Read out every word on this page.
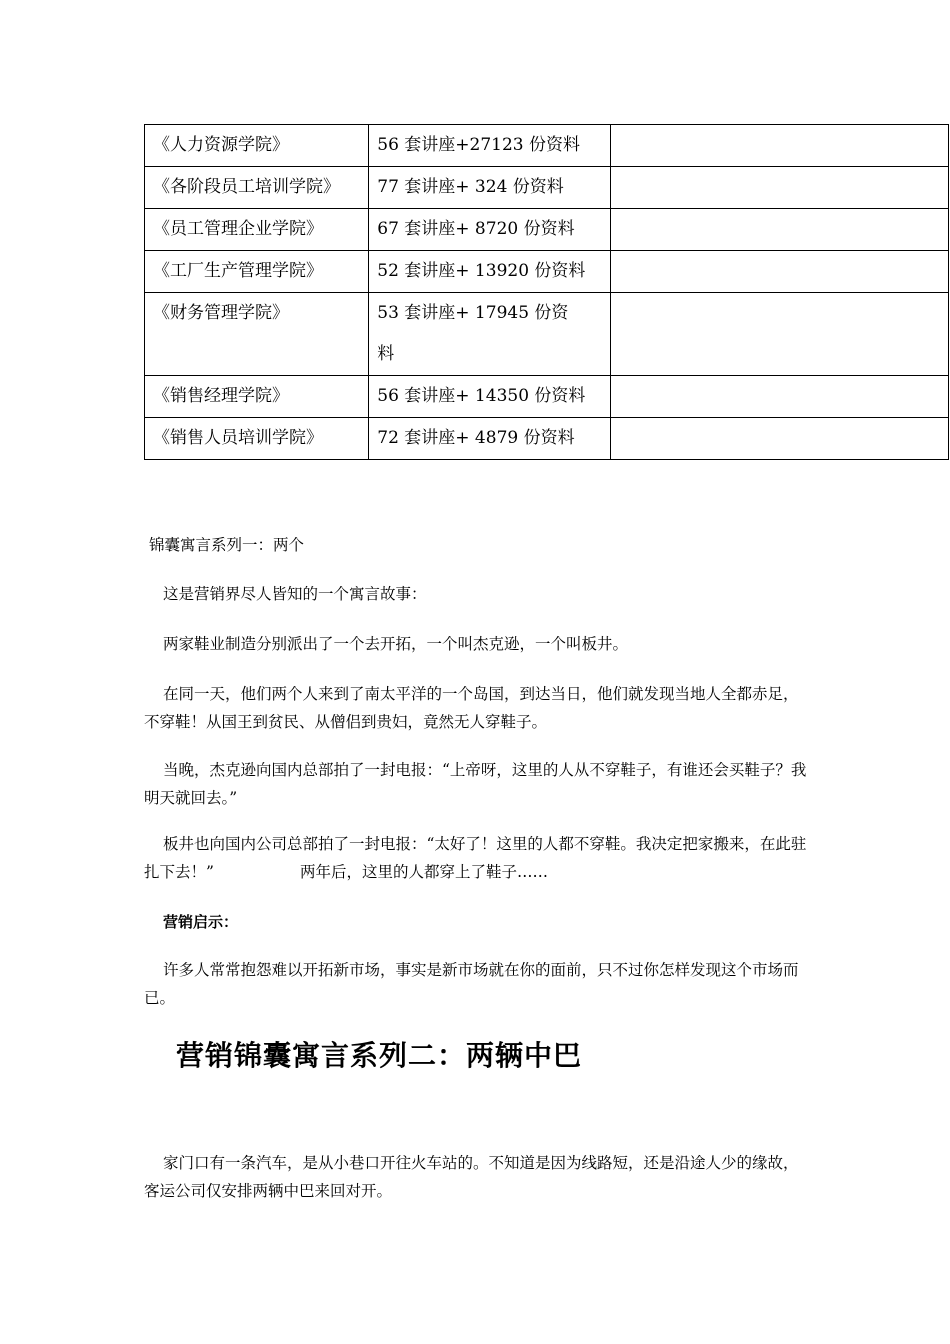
《人力资源学院》	56 套讲座+27123 份资料	
《各阶段员工培训学院》	77 套讲座+ 324 份资料	
《员工管理企业学院》	67 套讲座+ 8720 份资料	
《工厂生产管理学院》	52 套讲座+ 13920 份资料	
《财务管理学院》	53 套讲座+ 17945 份资料	
《销售经理学院》	56 套讲座+ 14350 份资料	
《销售人员培训学院》	72 套讲座+ 4879 份资料	

锦囊寓言系列一：两个

这是营销界尽人皆知的一个寓言故事：

两家鞋业制造分别派出了一个去开拓，一个叫杰克逊，一个叫板井。

在同一天，他们两个人来到了南太平洋的一个岛国，到达当日，他们就发现当地人全都赤足，不穿鞋！从国王到贫民、从僧侣到贵妇，竟然无人穿鞋子。

当晚，杰克逊向国内总部拍了一封电报：“上帝呀，这里的人从不穿鞋子，有谁还会买鞋子？我明天就回去。”

板井也向国内公司总部拍了一封电报：“太好了！这里的人都不穿鞋。我决定把家搬来，在此驻扎下去！”	两年后，这里的人都穿上了鞋子……

营销启示：

许多人常常抱怨难以开拓新市场，事实是新市场就在你的面前，只不过你怎样发现这个市场而已。

营销锦囊寓言系列二：两辆中巴

家门口有一条汽车，是从小巷口开往火车站的。不知道是因为线路短，还是沿途人少的缘故，客运公司仅安排两辆中巴来回对开。
